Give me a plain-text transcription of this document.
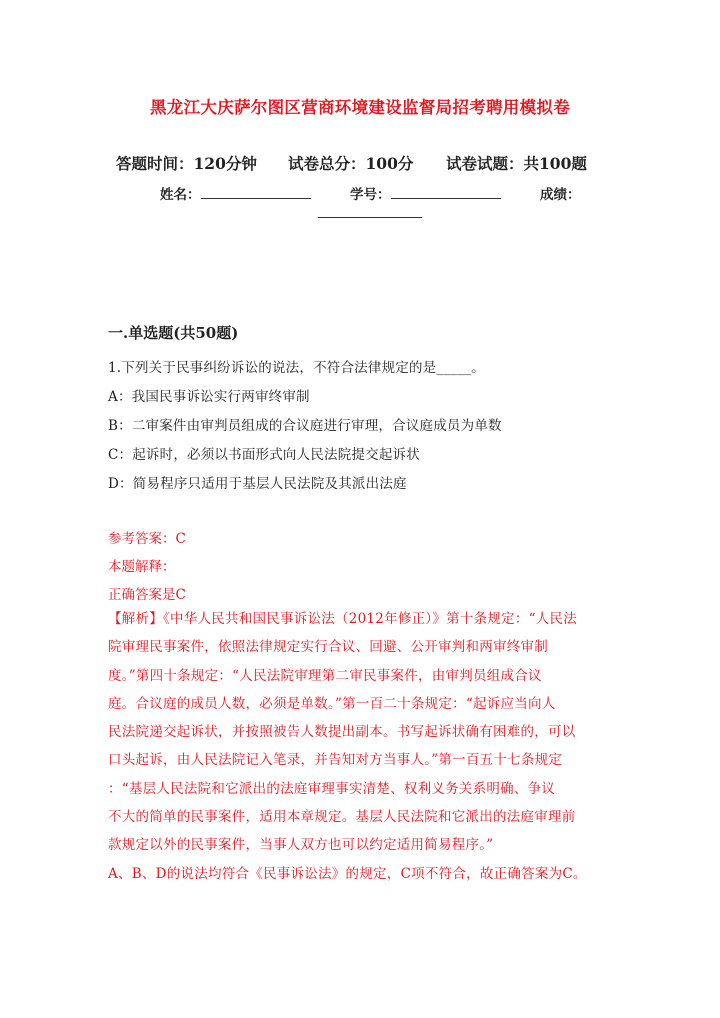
黑龙江大庆萨尔图区营商环境建设监督局招考聘用模拟卷
答题时间：120分钟 试卷总分：100分 试卷试题：共100题
姓名：	学号：	成绩：
一.单选题(共50题)
1.下列关于民事纠纷诉讼的说法，不符合法律规定的是_____。
A：我国民事诉讼实行两审终审制
B：二审案件由审判员组成的合议庭进行审理，合议庭成员为单数
C：起诉时，必须以书面形式向人民法院提交起诉状
D：简易程序只适用于基层人民法院及其派出法庭
参考答案：C
本题解释：
正确答案是C
【解析】《中华人民共和国民事诉讼法（2012年修正）》第十条规定：“人民法
院审理民事案件，依照法律规定实行合议、回避、公开审判和两审终审制
度。”第四十条规定：“人民法院审理第二审民事案件，由审判员组成合议
庭。合议庭的成员人数，必须是单数。”第一百二十条规定：“起诉应当向人
民法院递交起诉状，并按照被告人数提出副本。书写起诉状确有困难的，可以
口头起诉，由人民法院记入笔录，并告知对方当事人。”第一百五十七条规定
：“基层人民法院和它派出的法庭审理事实清楚、权利义务关系明确、争议
不大的简单的民事案件，适用本章规定。基层人民法院和它派出的法庭审理前
款规定以外的民事案件，当事人双方也可以约定适用简易程序。”
A、B、D的说法均符合《民事诉讼法》的规定，C项不符合，故正确答案为C。
